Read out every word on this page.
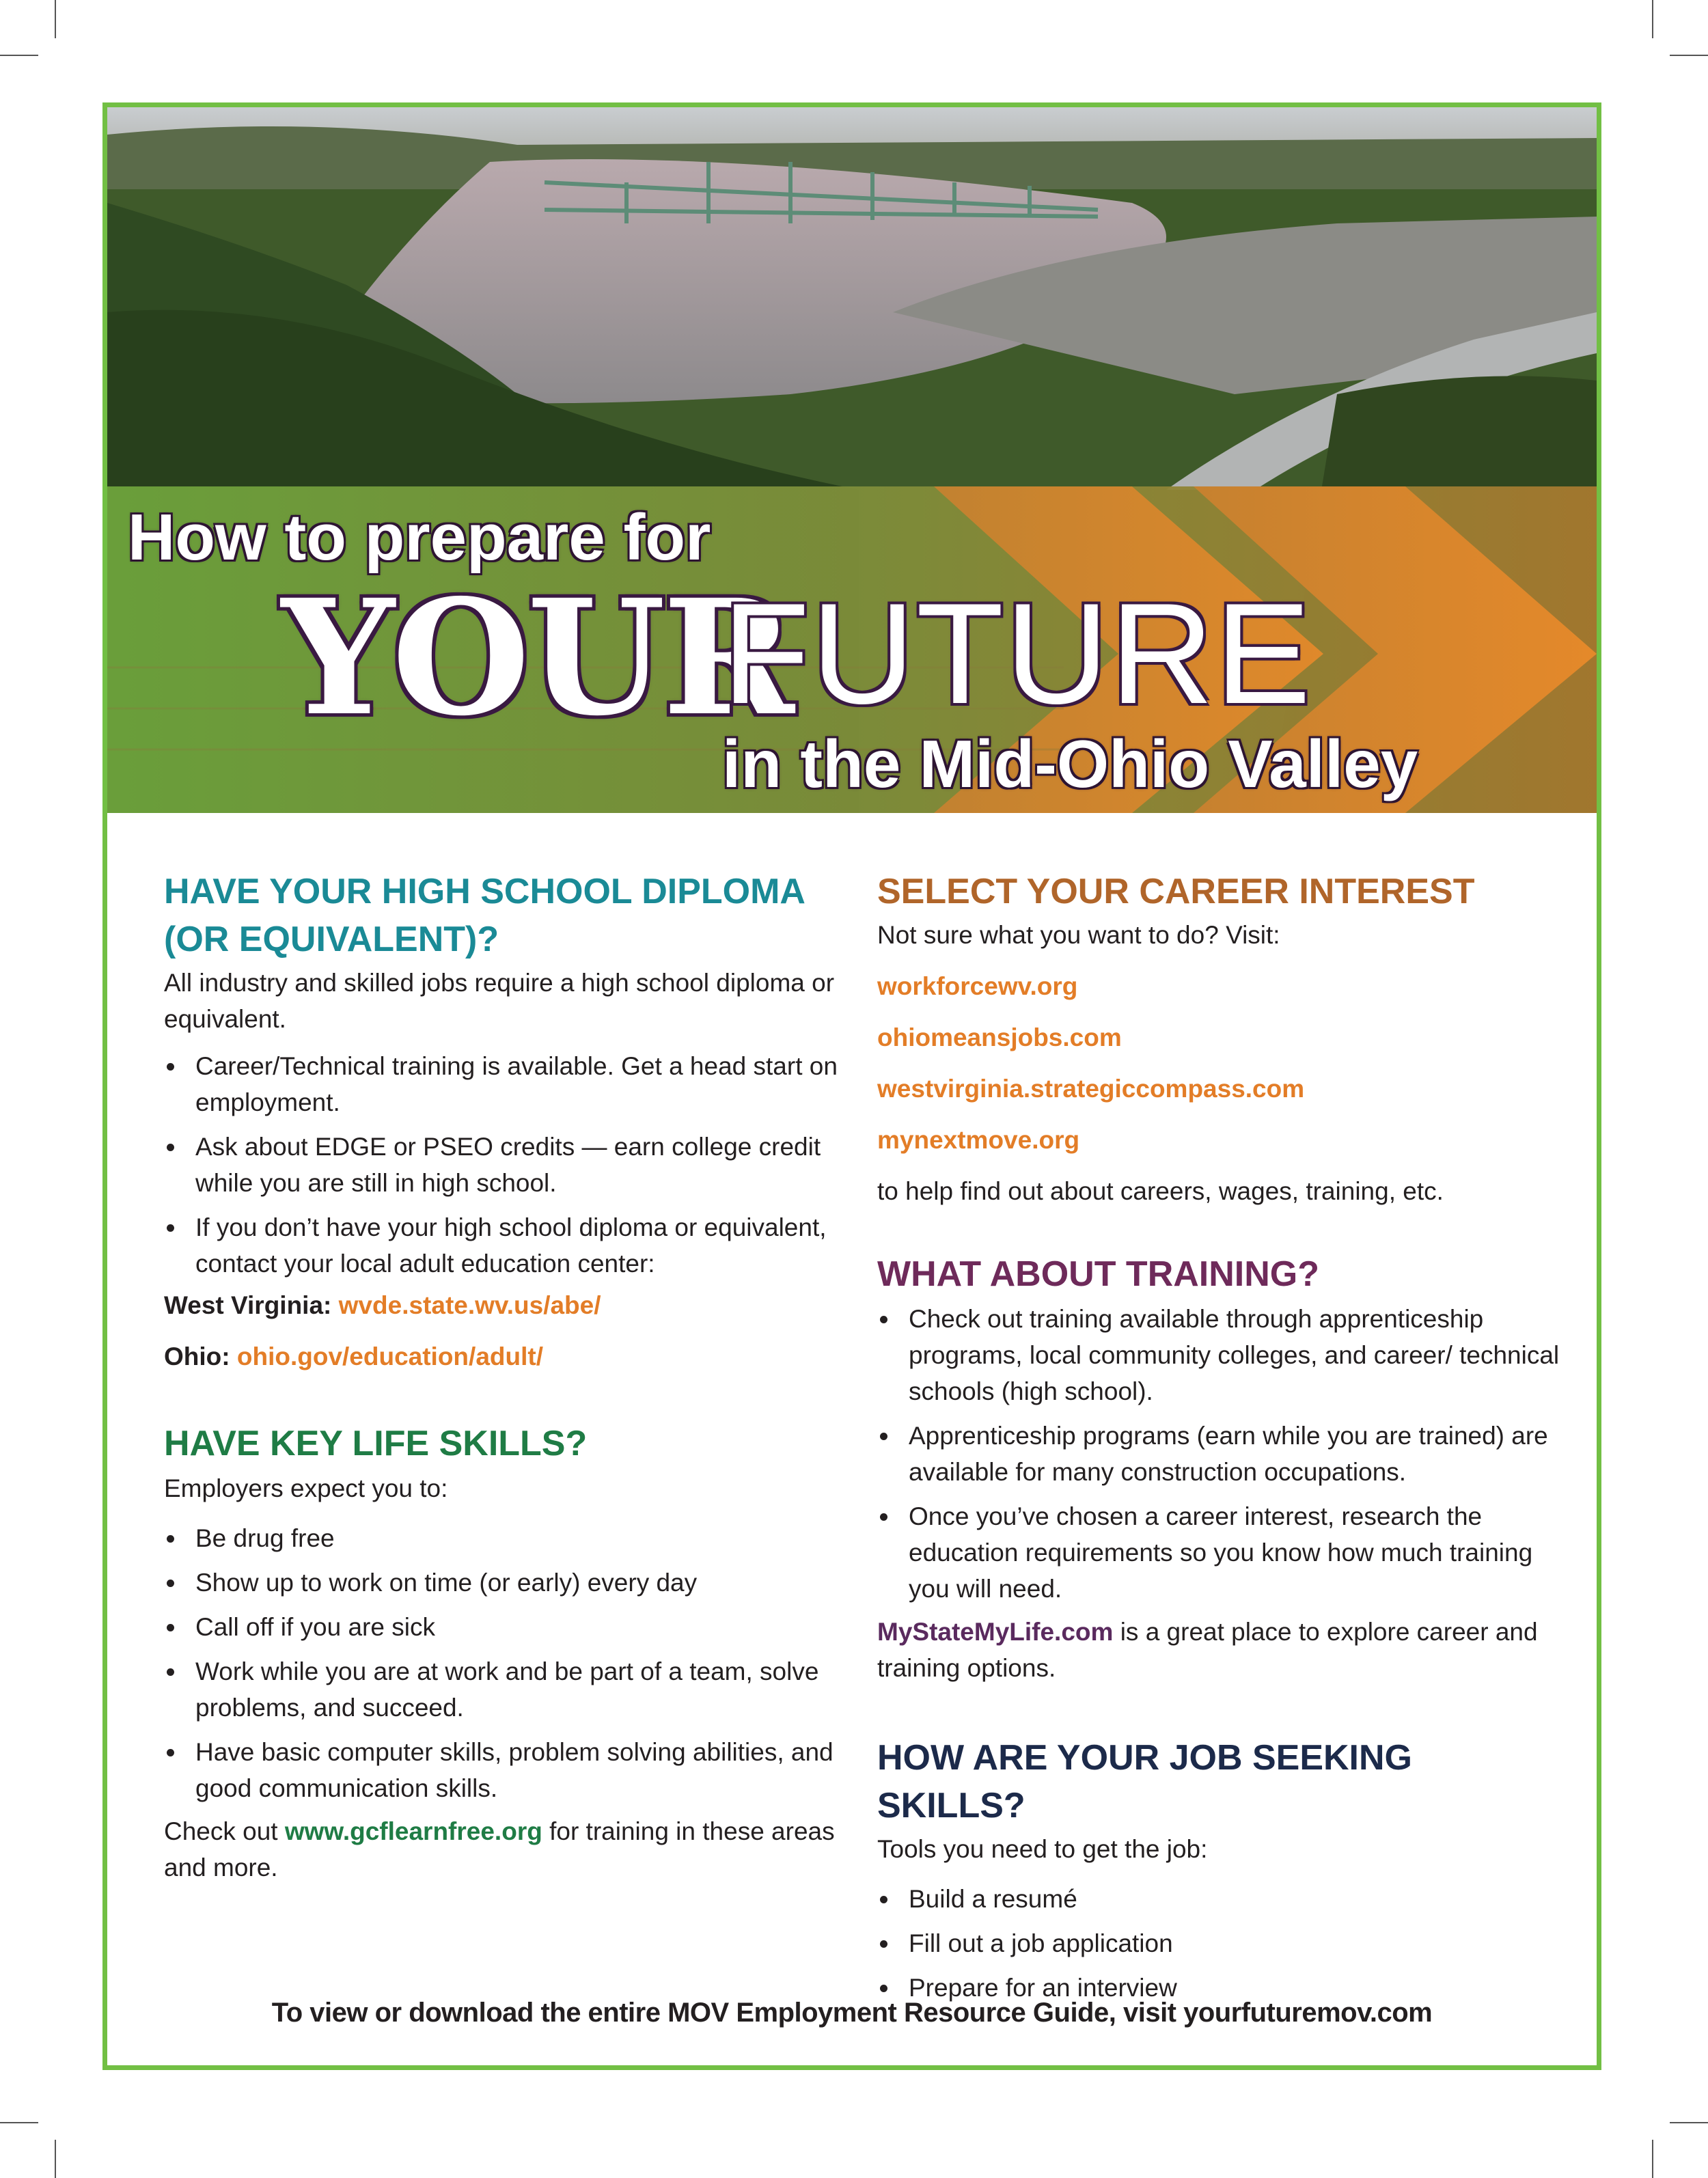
How to prepare for
YOUR
FUTURE
in the Mid-Ohio Valley
HAVE YOUR HIGH SCHOOL DIPLOMA (OR EQUIVALENT)?

All industry and skilled jobs require a high school diploma or equivalent.

Career/Technical training is available. Get a head start on employment.
Ask about EDGE or PSEO credits — earn college credit while you are still in high school.
If you don’t have your high school diploma or equivalent, contact your local adult education center:

West Virginia: wvde.state.wv.us/abe/

Ohio: ohio.gov/education/adult/

HAVE KEY LIFE SKILLS?

Employers expect you to:

Be drug free
Show up to work on time (or early) every day
Call off if you are sick
Work while you are at work and be part of a team, solve problems, and succeed.
Have basic computer skills, problem solving abilities, and good communication skills.

Check out www.gcflearnfree.org for training in these areas and more.

SELECT YOUR CAREER INTEREST

Not sure what you want to do? Visit:

workforcewv.org

ohiomeansjobs.com

westvirginia.strategiccompass.com

mynextmove.org

to help find out about careers, wages, training, etc.

WHAT ABOUT TRAINING?
Check out training available through apprenticeship programs, local community colleges, and career/ technical schools (high school).
Apprenticeship programs (earn while you are trained) are available for many construction occupations.
Once you’ve chosen a career interest, research the education requirements so you know how much training you will need.

MyStateMyLife.com is a great place to explore career and training options.

HOW ARE YOUR JOB SEEKING SKILLS?

Tools you need to get the job:

Build a resumé
Fill out a job application
Prepare for an interview
To view or download the entire MOV Employment Resource Guide, visit yourfuturemov.com
